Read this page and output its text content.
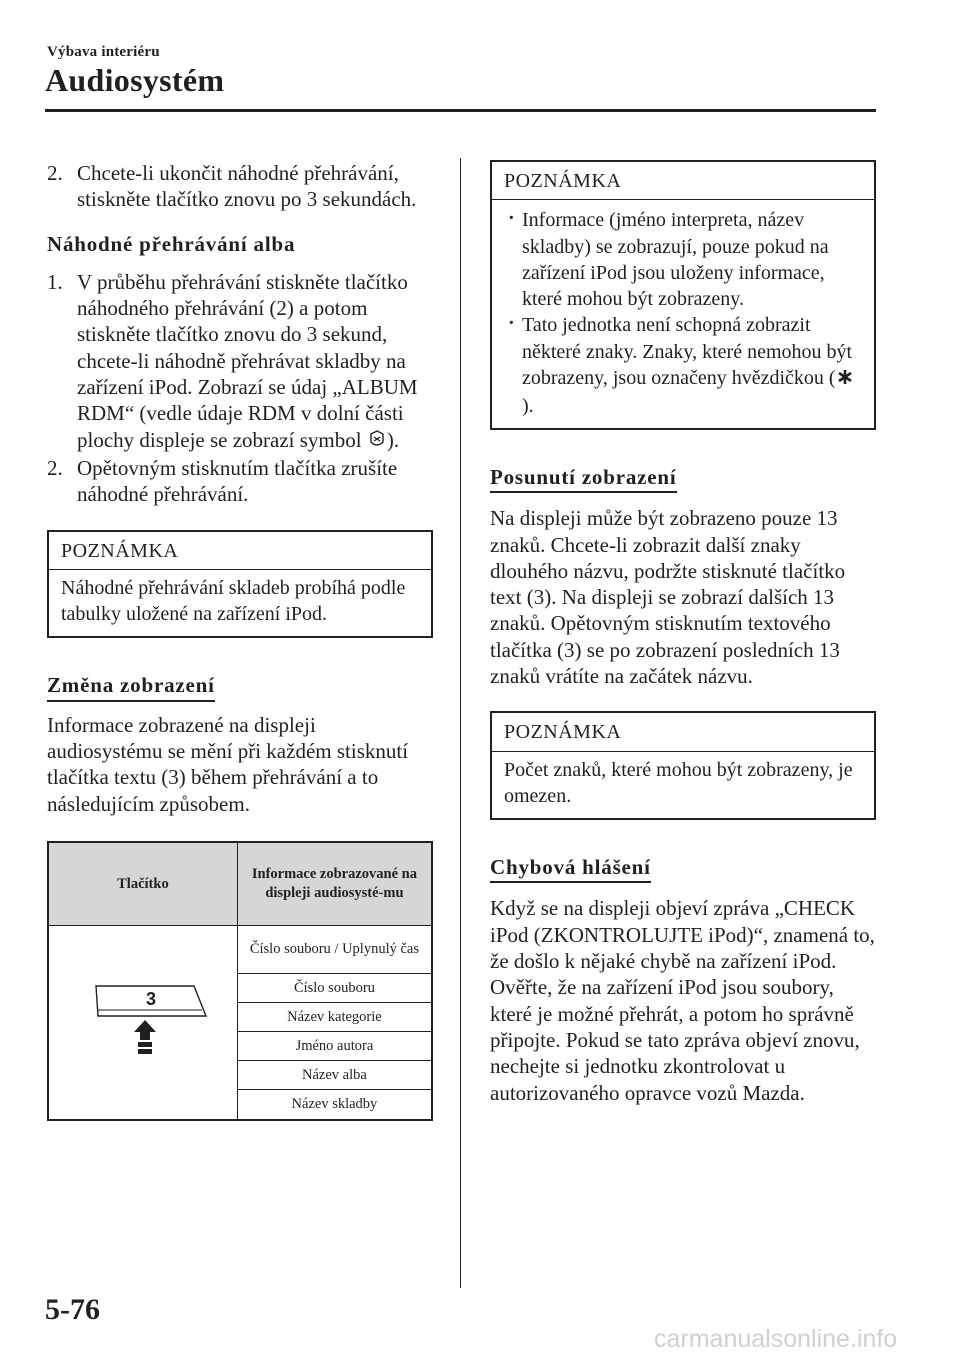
Výbava interiéru
Audiosystém
2. Chcete-li ukončit náhodné přehrávání, stiskněte tlačítko znovu po 3 sekundách.
Náhodné přehrávání alba
1. V průběhu přehrávání stiskněte tlačítko náhodného přehrávání (2) a potom stiskněte tlačítko znovu do 3 sekund, chcete-li náhodně přehrávat skladby na zařízení iPod. Zobrazí se údaj „ALBUM RDM“ (vedle údaje RDM v dolní části plochy displeje se zobrazí symbol ).
2. Opětovným stisknutím tlačítka zrušíte náhodné přehrávání.
POZNÁMKA
Náhodné přehrávání skladeb probíhá podle tabulky uložené na zařízení iPod.
Změna zobrazení
Informace zobrazené na displeji audiosystému se mění při každém stisknutí tlačítka textu (3) během přehrávání a to následujícím způsobem.
Tlačítko	Informace zobrazované na displeji audiosysté-mu

3	Číslo souboru / Uplynulý čas
	Číslo souboru
	Název kategorie
	Jméno autora
	Název alba
	Název skladby
POZNÁMKA
· Informace (jméno interpreta, název skladby) se zobrazují, pouze pokud na zařízení iPod jsou uloženy informace, které mohou být zobrazeny.
· Tato jednotka není schopná zobrazit některé znaky. Znaky, které nemohou být zobrazeny, jsou označeny hvězdičkou ().
Posunutí zobrazení
Na displeji může být zobrazeno pouze 13 znaků. Chcete-li zobrazit další znaky dlouhého názvu, podržte stisknuté tlačítko text (3). Na displeji se zobrazí dalších 13 znaků. Opětovným stisknutím textového tlačítka (3) se po zobrazení posledních 13 znaků vrátíte na začátek názvu.
POZNÁMKA
Počet znaků, které mohou být zobrazeny, je omezen.
Chybová hlášení
Když se na displeji objeví zpráva „CHECK iPod (ZKONTROLUJTE iPod)“, znamená to, že došlo k nějaké chybě na zařízení iPod. Ověřte, že na zařízení iPod jsou soubory, které je možné přehrát, a potom ho správně připojte. Pokud se tato zpráva objeví znovu, nechejte si jednotku zkontrolovat u autorizovaného opravce vozů Mazda.
5-76
carmanualsonline.info
